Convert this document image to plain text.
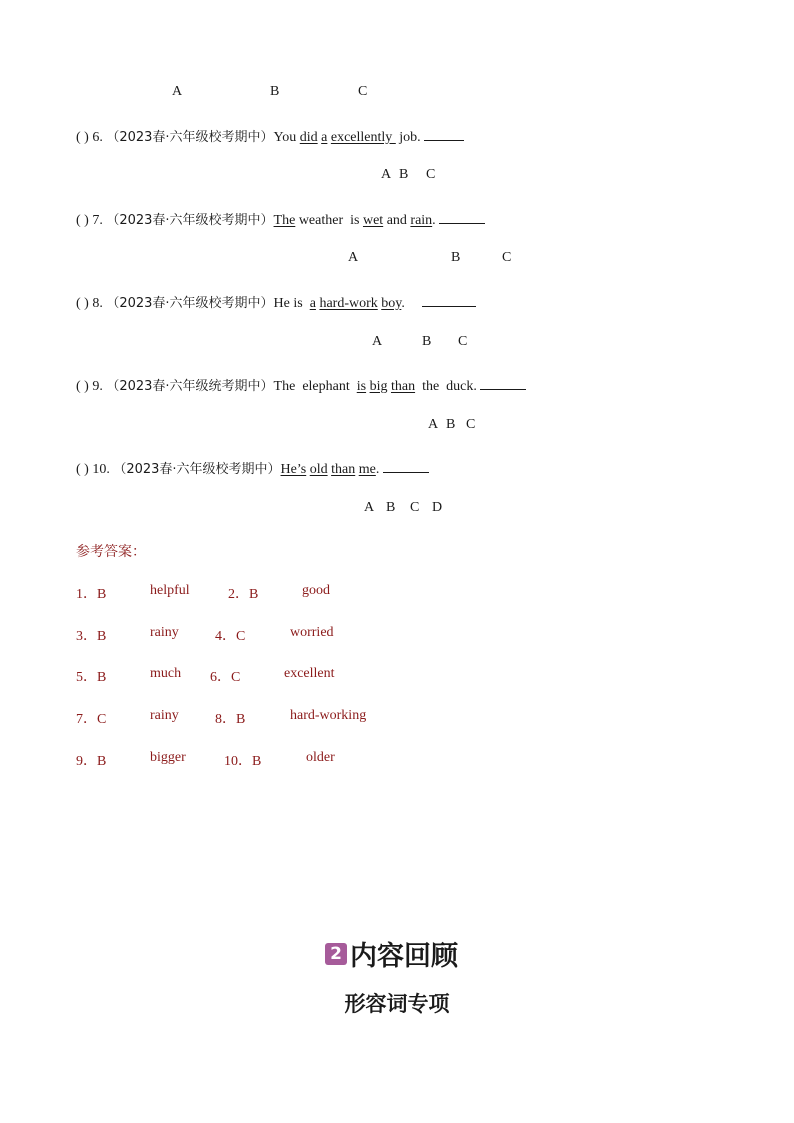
A	B	C
( ) 6. （2023春·六年级校考期中）You did a excellently  job.
A B C
( ) 7. （2023春·六年级校考期中）The weather  is wet and rain.
A	B	C
( ) 8. （2023春·六年级校考期中）He is  a hard-work boy.
A	B C
( ) 9. （2023春·六年级统考期中）The  elephant  is big than  the  duck.
A B C
( ) 10. （2023春·六年级校考期中）He’s old than me.
A B C D
参考答案：
1．B	helpful	2．B	good
3．B	rainy	4．C	worried
5．B	much 6．C	excellent
7．C	rainy	8．B	hard-working
9．B	bigger	10．B	older
2 内容回顾
形容词专项
